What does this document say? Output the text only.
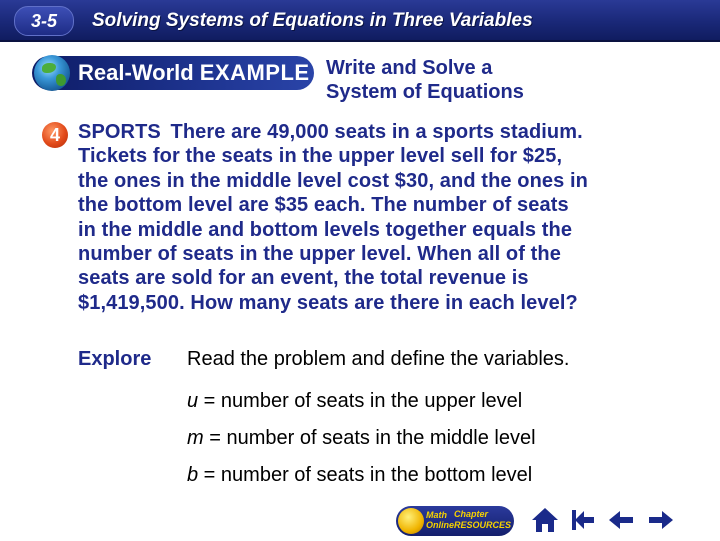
3-5	Solving Systems of Equations in Three Variables
Real-World EXAMPLE Write and Solve a
System of Equations
4 SPORTS There are 49,000 seats in a sports stadium.
Tickets for the seats in the upper level sell for $25,
the ones in the middle level cost $30, and the ones in
the bottom level are $35 each. The number of seats
in the middle and bottom levels together equals the
number of seats in the upper level. When all of the
seats are sold for an event, the total revenue is
$1,419,500. How many seats are there in each level?
Explore Read the problem and define the variables.
u = number of seats in the upper level
m = number of seats in the middle level
b = number of seats in the bottom level
Math Online
Chapter RESOURCES
